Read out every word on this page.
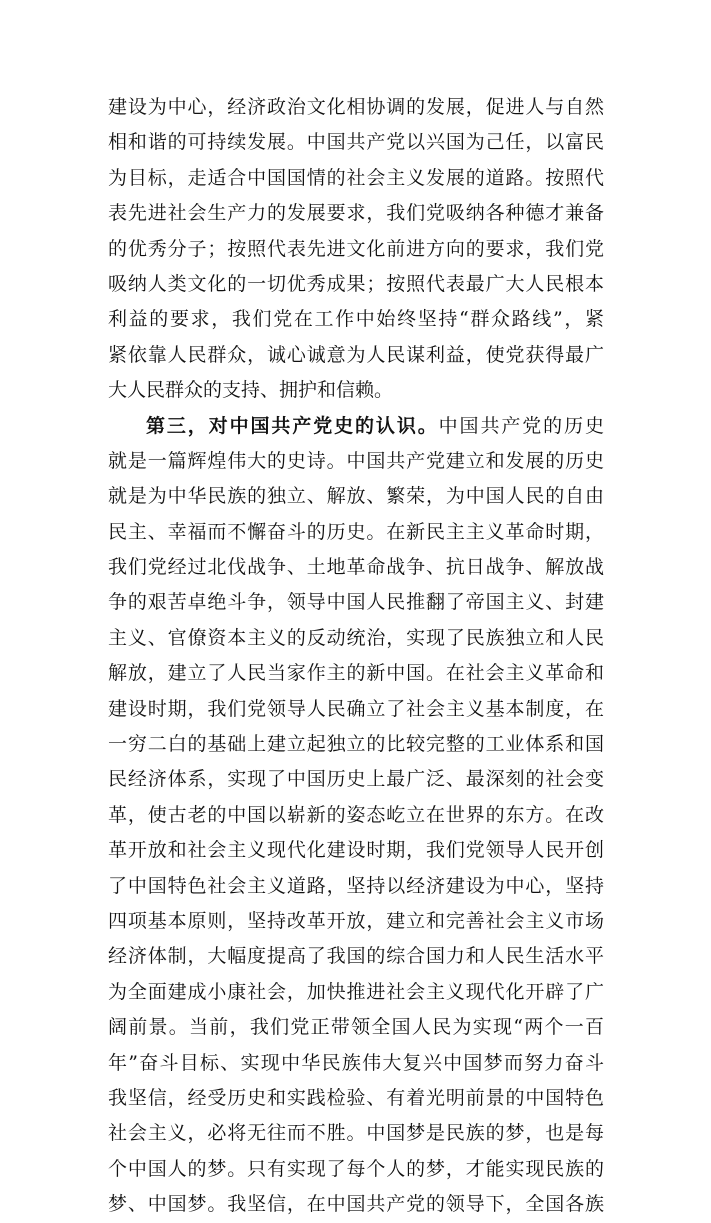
建设为中心，经济政治文化相协调的发展，促进人与自然
相和谐的可持续发展。中国共产党以兴国为己任，以富民
为目标，走适合中国国情的社会主义发展的道路。按照代
表先进社会生产力的发展要求，我们党吸纳各种德才兼备
的优秀分子；按照代表先进文化前进方向的要求，我们党
吸纳人类文化的一切优秀成果；按照代表最广大人民根本
利益的要求，我们党在工作中始终坚持“群众路线”，紧
紧依靠人民群众，诚心诚意为人民谋利益，使党获得最广
大人民群众的支持、拥护和信赖。
第三，对中国共产党史的认识。中国共产党的历史
就是一篇辉煌伟大的史诗。中国共产党建立和发展的历史
就是为中华民族的独立、解放、繁荣，为中国人民的自由
民主、幸福而不懈奋斗的历史。在新民主主义革命时期，
我们党经过北伐战争、土地革命战争、抗日战争、解放战
争的艰苦卓绝斗争，领导中国人民推翻了帝国主义、封建
主义、官僚资本主义的反动统治，实现了民族独立和人民
解放，建立了人民当家作主的新中国。在社会主义革命和
建设时期，我们党领导人民确立了社会主义基本制度，在
一穷二白的基础上建立起独立的比较完整的工业体系和国
民经济体系，实现了中国历史上最广泛、最深刻的社会变
革，使古老的中国以崭新的姿态屹立在世界的东方。在改
革开放和社会主义现代化建设时期，我们党领导人民开创
了中国特色社会主义道路，坚持以经济建设为中心，坚持
四项基本原则，坚持改革开放，建立和完善社会主义市场
经济体制，大幅度提高了我国的综合国力和人民生活水平
为全面建成小康社会，加快推进社会主义现代化开辟了广
阔前景。当前，我们党正带领全国人民为实现“两个一百
年”奋斗目标、实现中华民族伟大复兴中国梦而努力奋斗
我坚信，经受历史和实践检验、有着光明前景的中国特色
社会主义，必将无往而不胜。中国梦是民族的梦，也是每
个中国人的梦。只有实现了每个人的梦，才能实现民族的
梦、中国梦。我坚信，在中国共产党的领导下，全国各族
